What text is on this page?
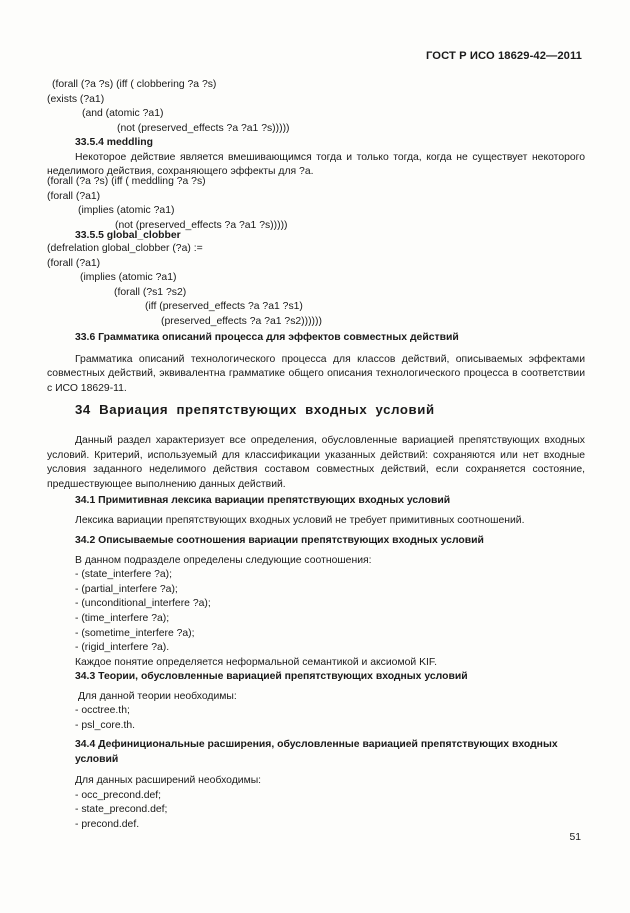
ГОСТ Р ИСО 18629-42—2011
(forall (?a ?s) (iff ( clobbering ?a ?s)
(exists (?a1)
(and (atomic ?a1)
(not (preserved_effects ?a ?a1 ?s)))))
33.5.4 meddling
Некоторое действие является вмешивающимся тогда и только тогда, когда не существует некоторого неделимого действия, сохраняющего эффекты для ?a.
(forall (?a ?s) (iff ( meddling ?a ?s)
(forall (?a1)
(implies (atomic ?a1)
(not (preserved_effects ?a ?a1 ?s)))))
33.5.5 global_clobber
(defrelation global_clobber (?a) :=
(forall (?a1)
(implies (atomic ?a1)
(forall (?s1 ?s2)
(iff (preserved_effects ?a ?a1 ?s1)
(preserved_effects ?a ?a1 ?s2))))))
33.6 Грамматика описаний процесса для эффектов совместных действий
Грамматика описаний технологического процесса для классов действий, описываемых эффектами совместных действий, эквивалентна грамматике общего описания технологического процесса в соответствии с ИСО 18629-11.
34 Вариация препятствующих входных условий
Данный раздел характеризует все определения, обусловленные вариацией препятствующих входных условий. Критерий, используемый для классификации указанных действий: сохраняются или нет входные условия заданного неделимого действия составом совместных действий, если сохраняется состояние, предшествующее выполнению данных действий.
34.1 Примитивная лексика вариации препятствующих входных условий
Лексика вариации препятствующих входных условий не требует примитивных соотношений.
34.2 Описываемые соотношения вариации препятствующих входных условий
В данном подразделе определены следующие соотношения:
- (state_interfere ?a);
- (partial_interfere ?a);
- (unconditional_interfere ?a);
- (time_interfere ?a);
- (sometime_interfere ?a);
- (rigid_interfere ?a).
Каждое понятие определяется неформальной семантикой и аксиомой KIF.
34.3 Теории, обусловленные вариацией препятствующих входных условий
Для данной теории необходимы:
- occtree.th;
- psl_core.th.
34.4 Дефинициональные расширения, обусловленные вариацией препятствующих входных условий
Для данных расширений необходимы:
- occ_precond.def;
- state_precond.def;
- precond.def.
51
